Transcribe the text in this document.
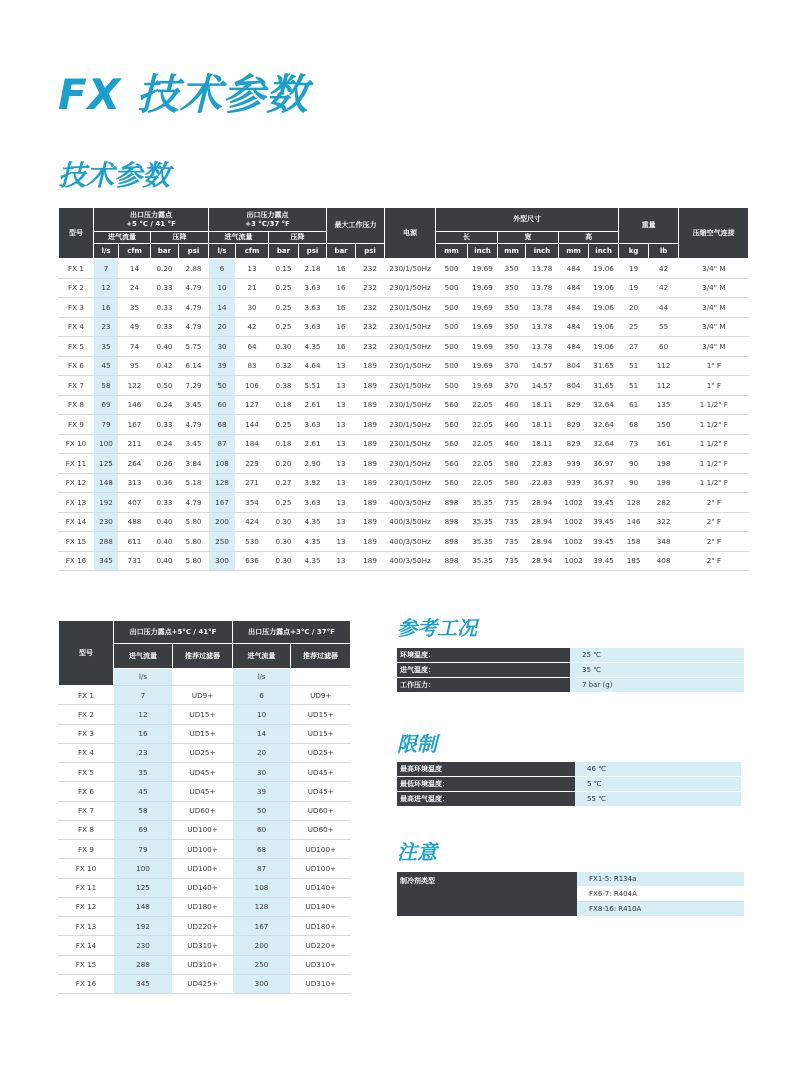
FX 技术参数
技术参数
型号	出口压力露点
+5 °C / 41 °F				出口压力露点
+3 °C/37 °F				最大工作压力		电源	外型尺寸						重量		压缩空气连接
	进气流量		压降		进气流量		压降					长		宽		高				
	l/s	cfm	bar	psi	l/s	cfm	bar	psi	bar	psi		mm	inch	mm	inch	mm	inch	kg	lb	
FX 1	7	14	0.20	2.88	6	13	0.15	2.18	16	232	230/1/50Hz	500	19.69	350	13.78	484	19.06	19	42	3/4" M
FX 2	12	24	0.33	4.79	10	21	0.25	3.63	16	232	230/1/50Hz	500	19.69	350	13.78	484	19.06	19	42	3/4" M
FX 3	16	35	0.33	4.79	14	30	0.25	3.63	16	232	230/1/50Hz	500	19.69	350	13.78	484	19.06	20	44	3/4" M
FX 4	23	49	0.33	4.79	20	42	0.25	3.63	16	232	230/1/50Hz	500	19.69	350	13.78	484	19.06	25	55	3/4" M
FX 5	35	74	0.40	5.75	30	64	0.30	4.35	16	232	230/1/50Hz	500	19.69	350	13.78	484	19.06	27	60	3/4" M
FX 6	45	95	0.42	6.14	39	83	0.32	4.64	13	189	230/1/50Hz	500	19.69	370	14.57	804	31.65	51	112	1" F
FX 7	58	122	0.50	7.29	50	106	0.38	5.51	13	189	230/1/50Hz	500	19.69	370	14.57	804	31.65	51	112	1" F
FX 8	69	146	0.24	3.45	60	127	0.18	2.61	13	189	230/1/50Hz	560	22.05	460	18.11	829	32.64	61	135	1 1/2" F
FX 9	79	167	0.33	4.79	68	144	0.25	3.63	13	189	230/1/50Hz	560	22.05	460	18.11	829	32.64	68	150	1 1/2" F
FX 10	100	211	0.24	3.45	87	184	0.18	2.61	13	189	230/1/50Hz	560	22.05	460	18.11	829	32.64	73	161	1 1/2" F
FX 11	125	264	0.26	3.84	108	229	0.20	2.90	13	189	230/1/50Hz	560	22.05	580	22.83	939	36.97	90	198	1 1/2" F
FX 12	148	313	0.36	5.18	128	271	0.27	3.92	13	189	230/1/50Hz	560	22.05	580	22.83	939	36.97	90	198	1 1/2" F
FX 13	192	407	0.33	4.79	167	354	0.25	3.63	13	189	400/3/50Hz	898	35.35	735	28.94	1002	39.45	128	282	2" F
FX 14	230	488	0.40	5.80	200	424	0.30	4.35	13	189	400/3/50Hz	898	35.35	735	28.94	1002	39.45	146	322	2" F
FX 15	288	611	0.40	5.80	250	530	0.30	4.35	13	189	400/3/50Hz	898	35.35	735	28.94	1002	39.45	158	348	2" F
FX 16	345	731	0.40	5.80	300	636	0.30	4.35	13	189	400/3/50Hz	898	35.35	735	28.94	1002	39.45	185	408	2" F
型号	出口压力露点+5°C / 41°F		出口压力露点+3°C / 37°F	
	进气流量	推荐过滤器	进气流量	推荐过滤器
	l/s		l/s	
FX 1	7	UD9+	6	UD9+
FX 2	12	UD15+	10	UD15+
FX 3	16	UD15+	14	UD15+
FX 4	23	UD25+	20	UD25+
FX 5	35	UD45+	30	UD45+
FX 6	45	UD45+	39	UD45+
FX 7	58	UD60+	50	UD60+
FX 8	69	UD100+	60	UD60+
FX 9	79	UD100+	68	UD100+
FX 10	100	UD100+	87	UD100+
FX 11	125	UD140+	108	UD140+
FX 12	148	UD180+	128	UD140+
FX 13	192	UD220+	167	UD180+
FX 14	230	UD310+	200	UD220+
FX 15	288	UD310+	250	UD310+
FX 16	345	UD425+	300	UD310+
参考工况
环境温度：	25 ℃
进气温度：	35 ℃
工作压力：	7 bar (g)
限制
最高环境温度	46 ℃
最低环境温度：	5 ℃
最高进气温度：	55 ℃
注意
制冷剂类型	FX1-5: R134a
FX6-7: R404A
FX8-16: R410A
